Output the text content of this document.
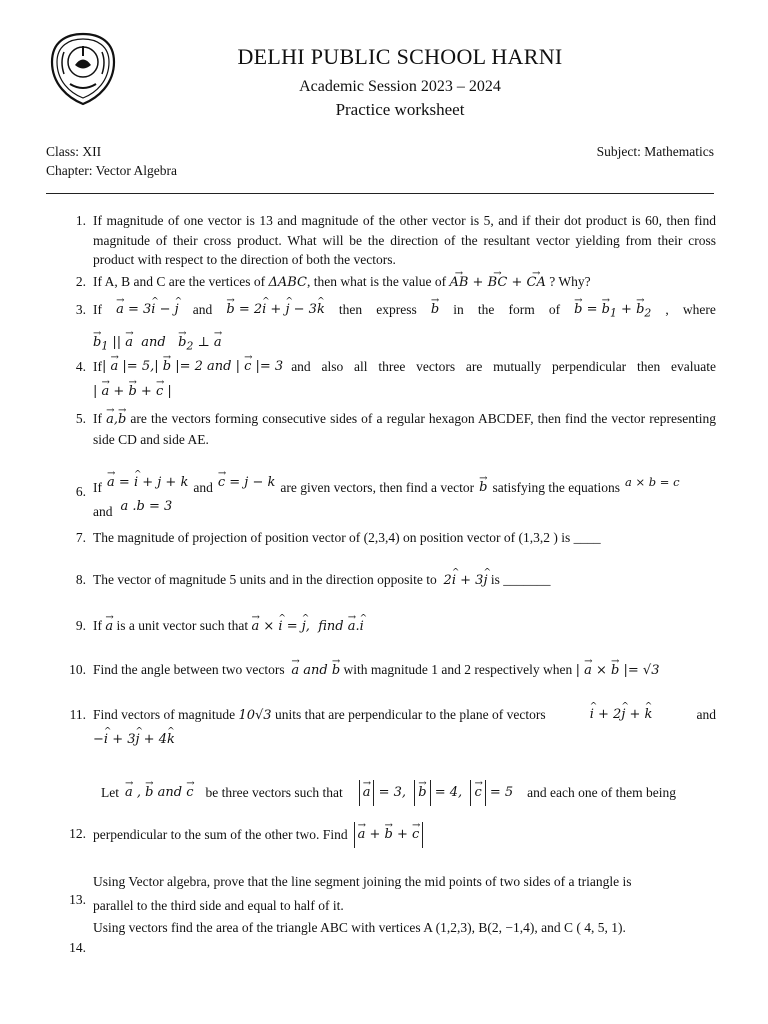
DELHI PUBLIC SCHOOL HARNI
Academic Session 2023 – 2024
Practice worksheet
Class: XII	Subject: Mathematics
Chapter: Vector Algebra
1. If magnitude of one vector is 13 and magnitude of the other vector is 5, and if their dot product is 60, then find magnitude of their cross product. What will be the direction of the resultant vector yielding from their cross product with respect to the direction of both the vectors.
2. If A, B and C are the vertices of ΔABC, then what is the value of → AB + → BC + → CA ? Why?
3. If → a = 3^ i − ^ j and → b = 2^ i + ^ j − 3^ k then express → b in the form of → b = → $b_1$ + → $b_2$ , where
→ $b_1$ || → a  and   → $b_2$ ⊥ → a
4. If | → a |= 5,| → b |= 2 and | → c |= 3 and also all three vectors are mutually perpendicular then evaluate
| → a + → b + → c |
5. If → a,→ b are the vectors forming consecutive sides of a regular hexagon ABCDEF, then find the vector representing side CD and side AE.
6. If → a = ^ i + j + k and → c = j − k are given vectors, then find a vector → b satisfying the equations a × b = c
and a .b = 3
7. The magnitude of projection of position vector of (2,3,4) on position vector of (1,3,2 ) is ____
8. The vector of magnitude 5 units and in the direction opposite to 2^ i + 3^ j is _______
9. If → a is a unit vector such that → a × ^ i = ^ j,  find → a.^ i
10. Find the angle between two vectors → a and → b with magnitude 1 and 2 respectively when | → a × → b |= √3
11. Find vectors of magnitude 10√3 units that are perpendicular to the plane of vectors	^ i + 2^ j + ^ k	and
−^ i + 3^ j + 4^ k
12.
Let → a , → b and → c be three vectors such that	→ a = 3,  → b = 4,  → c = 5 and each one of them being
perpendicular to the sum of the other two. Find → a + → b + → c
13.
Using Vector algebra, prove that the line segment joining the mid points of two sides of a triangle is
parallel to the third side and equal to half of it.
14.
Using vectors find the area of the triangle ABC with vertices A (1,2,3), B(2, −1,4), and C ( 4, 5, 1).
